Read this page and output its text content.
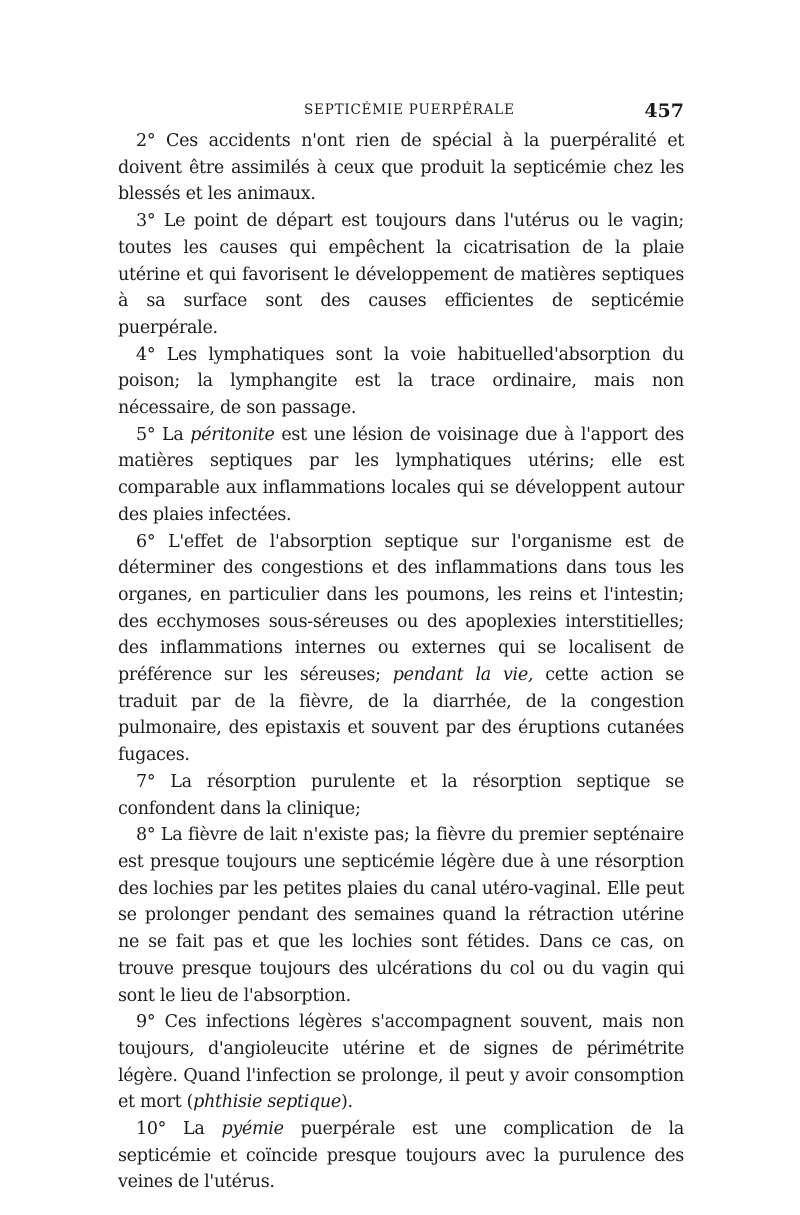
SEPTICÉMIE PUERPÉRALE	457

2° Ces accidents n'ont rien de spécial à la puerpéralité et doivent être assimilés à ceux que produit la septicémie chez les blessés et les animaux.

3° Le point de départ est toujours dans l'utérus ou le vagin; toutes les causes qui empêchent la cicatrisation de la plaie utérine et qui favorisent le développement de matières septiques à sa surface sont des causes efficientes de septicémie puerpérale.

4° Les lymphatiques sont la voie habituelled'absorption du poison; la lymphangite est la trace ordinaire, mais non nécessaire, de son passage.

5° La péritonite est une lésion de voisinage due à l'apport des matières septiques par les lymphatiques utérins; elle est comparable aux inflammations locales qui se développent autour des plaies infectées.

6° L'effet de l'absorption septique sur l'organisme est de déterminer des congestions et des inflammations dans tous les organes, en particulier dans les poumons, les reins et l'intestin; des ecchymoses sous-séreuses ou des apoplexies interstitielles; des inflammations internes ou externes qui se localisent de préférence sur les séreuses; pendant la vie, cette action se traduit par de la fièvre, de la diarrhée, de la congestion pulmonaire, des epistaxis et souvent par des éruptions cutanées fugaces.

7° La résorption purulente et la résorption septique se confondent dans la clinique;

8° La fièvre de lait n'existe pas; la fièvre du premier septénaire est presque toujours une septicémie légère due à une résorption des lochies par les petites plaies du canal utéro-vaginal. Elle peut se prolonger pendant des semaines quand la rétraction utérine ne se fait pas et que les lochies sont fétides. Dans ce cas, on trouve presque toujours des ulcérations du col ou du vagin qui sont le lieu de l'absorption.

9° Ces infections légères s'accompagnent souvent, mais non toujours, d'angioleucite utérine et de signes de périmétrite légère. Quand l'infection se prolonge, il peut y avoir consomption et mort (phthisie septique).

10° La pyémie puerpérale est une complication de la septicémie et coïncide presque toujours avec la purulence des veines de l'utérus.
